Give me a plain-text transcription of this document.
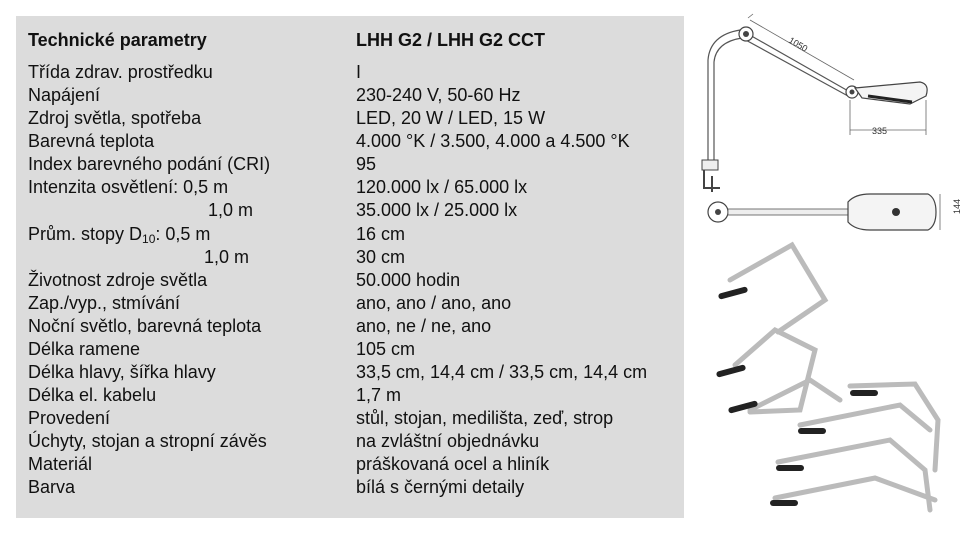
Technické parametry	LHH G2 / LHH G2 CCT
Třída zdrav. prostředku	I
Napájení	230-240 V, 50-60 Hz
Zdroj světla, spotřeba	LED, 20 W / LED, 15 W
Barevná teplota	4.000 °K / 3.500, 4.000 a 4.500 °K
Index barevného podání (CRI)	95
Intenzita osvětlení: 0,5 m	120.000 lx / 65.000 lx
1,0 m	35.000 lx / 25.000 lx
Prům. stopy D10: 0,5 m	16 cm
1,0 m	30 cm
Životnost zdroje světla	50.000 hodin
Zap./vyp., stmívání	ano, ano / ano, ano
Noční světlo, barevná teplota	ano, ne / ne, ano
Délka ramene	105 cm
Délka hlavy, šířka hlavy	33,5 cm, 14,4 cm / 33,5 cm, 14,4 cm
Délka el. kabelu	1,7 m
Provedení	stůl, stojan, medilišta, zeď, strop
Úchyty, stojan a stropní závěs	na zvláštní objednávku
Materiál	práškovaná ocel a hliník
Barva	bílá s černými detaily
1050
335
144
